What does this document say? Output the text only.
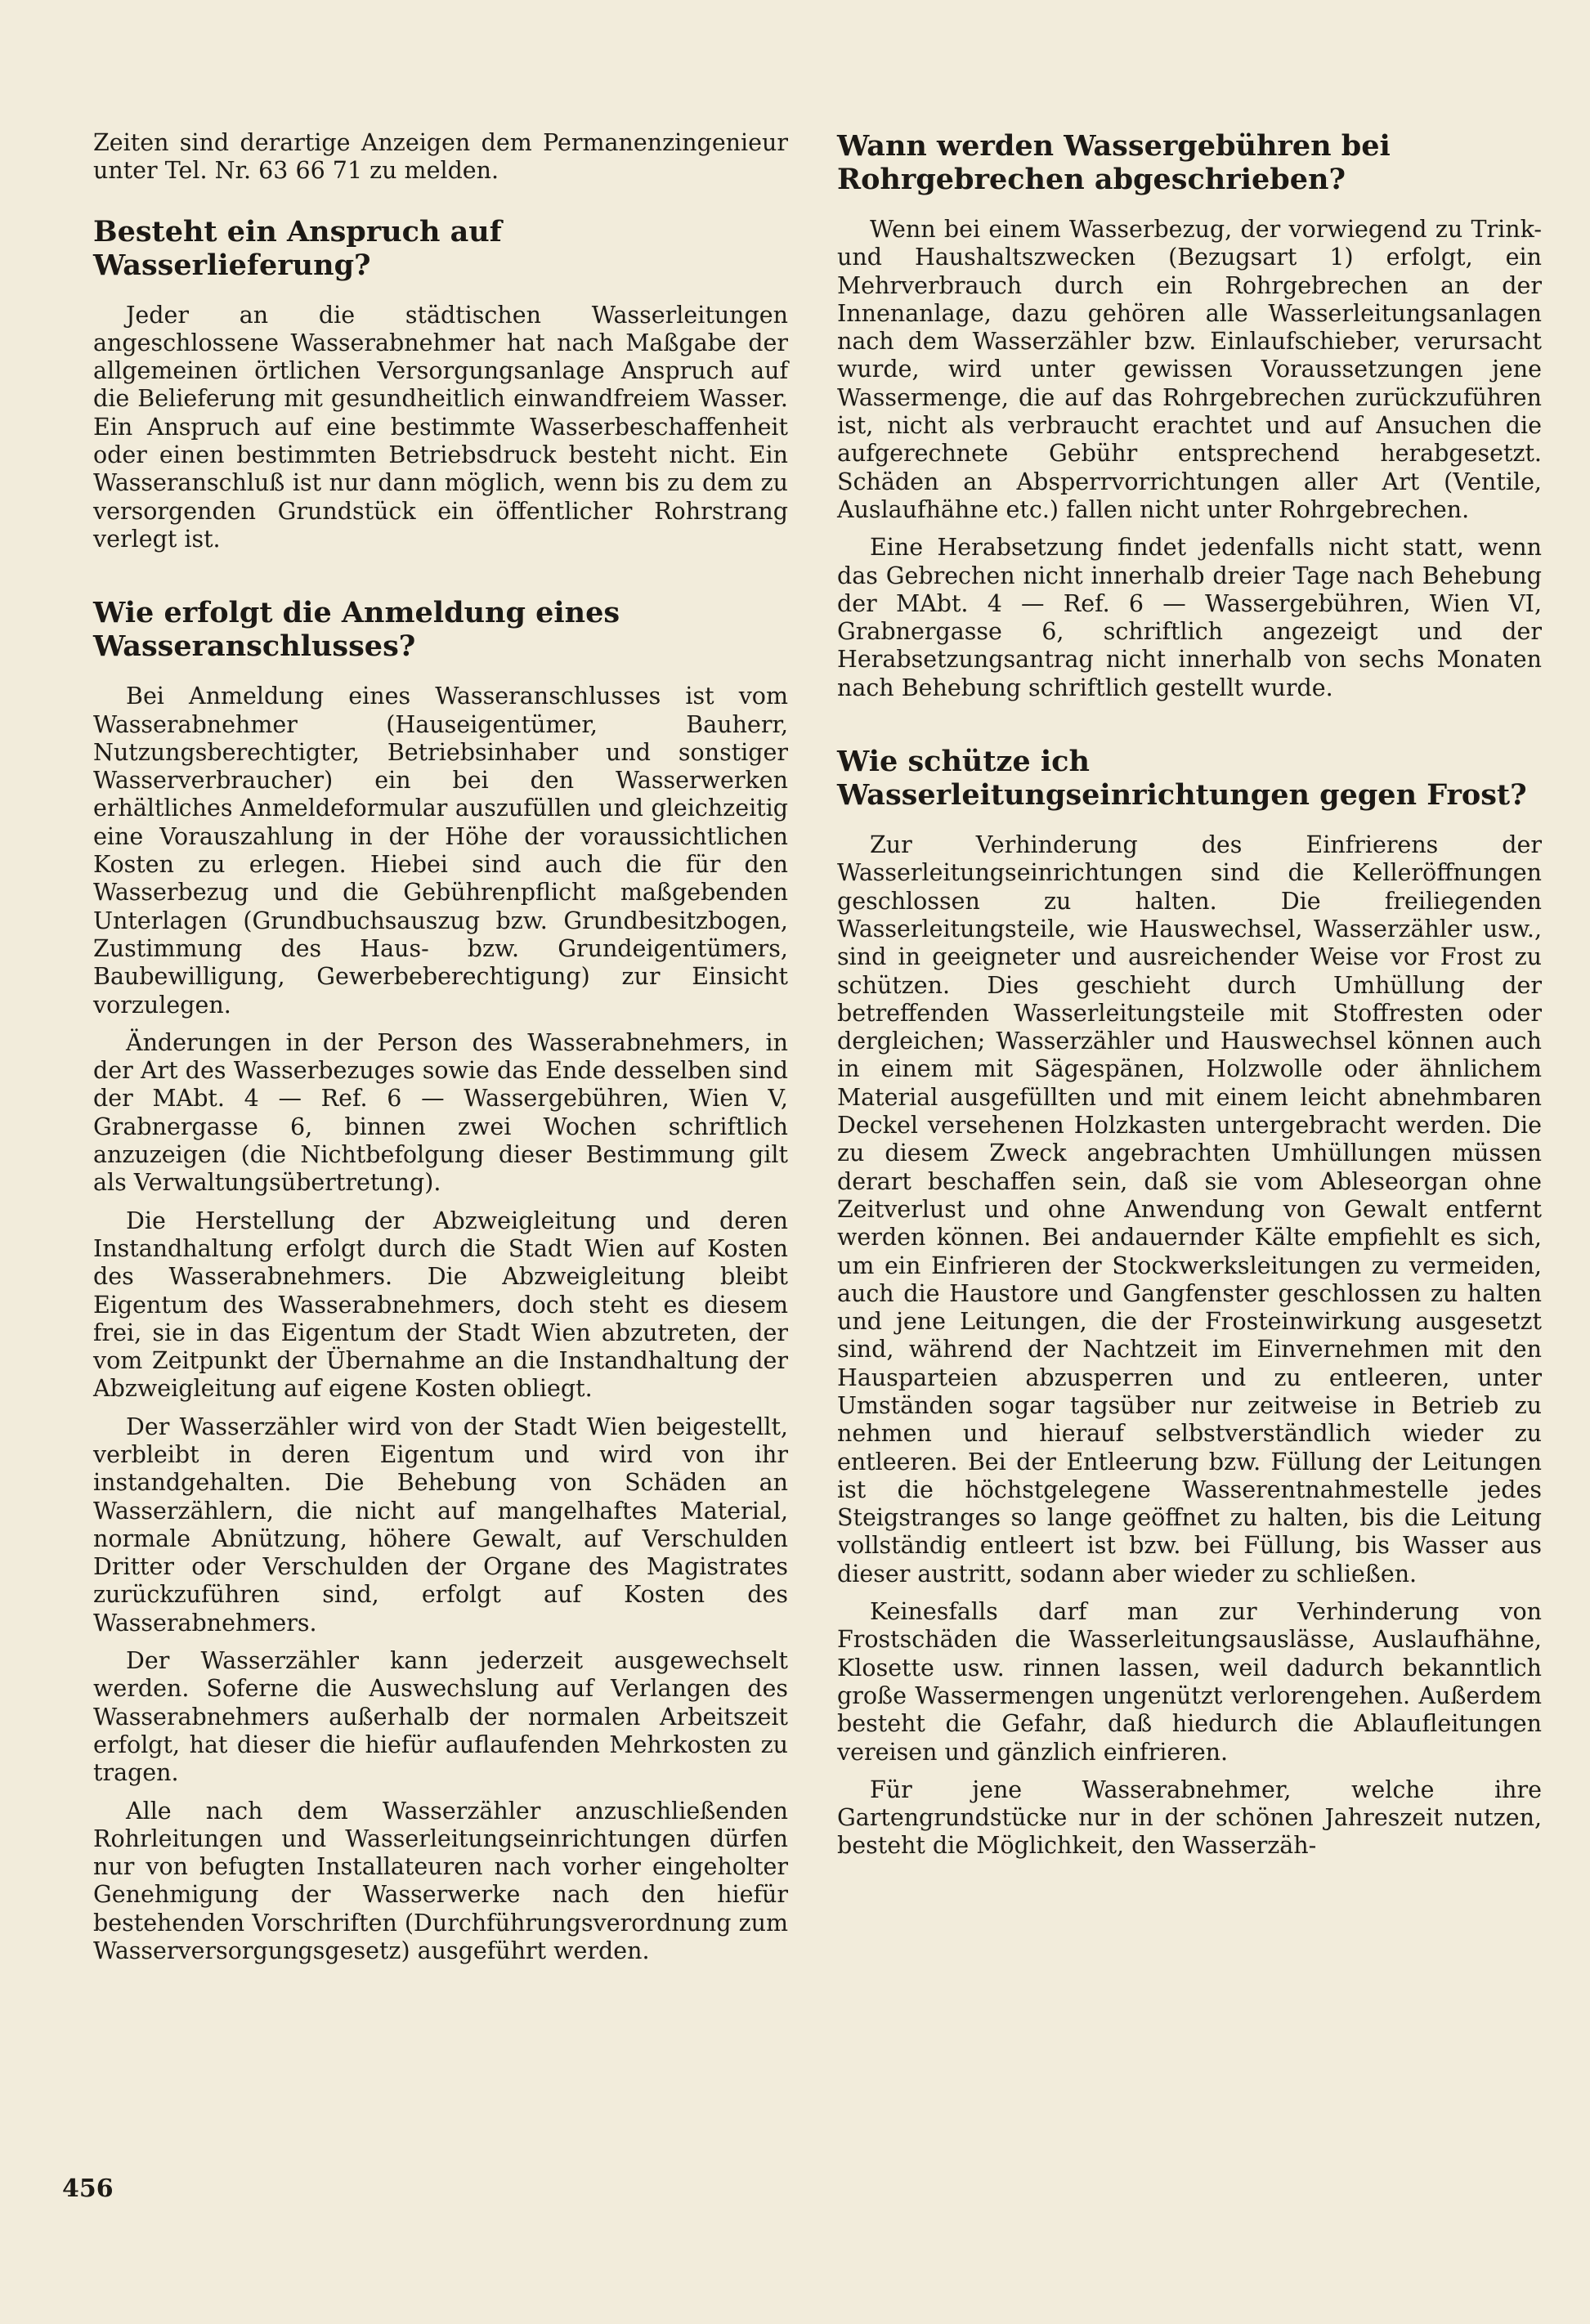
Zeiten sind derartige Anzeigen dem Permanenzingenieur unter Tel. Nr. 63 66 71 zu melden.

Besteht ein Anspruch auf Wasserlieferung?

Jeder an die städtischen Wasserleitungen angeschlossene Wasserabnehmer hat nach Maßgabe der allgemeinen örtlichen Versorgungsanlage Anspruch auf die Belieferung mit gesundheitlich einwandfreiem Wasser. Ein Anspruch auf eine bestimmte Wasserbeschaffenheit oder einen bestimmten Betriebsdruck besteht nicht. Ein Wasseranschluß ist nur dann möglich, wenn bis zu dem zu versorgenden Grundstück ein öffentlicher Rohrstrang verlegt ist.

Wie erfolgt die Anmeldung eines Wasseranschlusses?

Bei Anmeldung eines Wasseranschlusses ist vom Wasserabnehmer (Hauseigentümer, Bauherr, Nutzungsberechtigter, Betriebsinhaber und sonstiger Wasserverbraucher) ein bei den Wasserwerken erhältliches Anmeldeformular auszufüllen und gleichzeitig eine Vorauszahlung in der Höhe der voraussichtlichen Kosten zu erlegen. Hiebei sind auch die für den Wasserbezug und die Gebührenpflicht maßgebenden Unterlagen (Grundbuchsauszug bzw. Grundbesitzbogen, Zustimmung des Haus- bzw. Grundeigentümers, Baubewilligung, Gewerbeberechtigung) zur Einsicht vorzulegen.

Änderungen in der Person des Wasserabnehmers, in der Art des Wasserbezuges sowie das Ende desselben sind der MAbt. 4 — Ref. 6 — Wassergebühren, Wien V, Grabnergasse 6, binnen zwei Wochen schriftlich anzuzeigen (die Nichtbefolgung dieser Bestimmung gilt als Verwaltungsübertretung).

Die Herstellung der Abzweigleitung und deren Instandhaltung erfolgt durch die Stadt Wien auf Kosten des Wasserabnehmers. Die Abzweigleitung bleibt Eigentum des Wasserabnehmers, doch steht es diesem frei, sie in das Eigentum der Stadt Wien abzutreten, der vom Zeitpunkt der Übernahme an die Instandhaltung der Abzweigleitung auf eigene Kosten obliegt.

Der Wasserzähler wird von der Stadt Wien beigestellt, verbleibt in deren Eigentum und wird von ihr instandgehalten. Die Behebung von Schäden an Wasserzählern, die nicht auf mangelhaftes Material, normale Abnützung, höhere Gewalt, auf Verschulden Dritter oder Verschulden der Organe des Magistrates zurückzuführen sind, erfolgt auf Kosten des Wasserabnehmers.

Der Wasserzähler kann jederzeit ausgewechselt werden. Soferne die Auswechslung auf Verlangen des Wasserabnehmers außerhalb der normalen Arbeitszeit erfolgt, hat dieser die hiefür auflaufenden Mehrkosten zu tragen.

Alle nach dem Wasserzähler anzuschließenden Rohrleitungen und Wasserleitungseinrichtungen dürfen nur von befugten Installateuren nach vorher eingeholter Genehmigung der Wasserwerke nach den hiefür bestehenden Vorschriften (Durchführungsverordnung zum Wasserversorgungsgesetz) ausgeführt werden.

Wann werden Wassergebühren bei Rohrgebrechen abgeschrieben?

Wenn bei einem Wasserbezug, der vorwiegend zu Trink- und Haushaltszwecken (Bezugsart 1) erfolgt, ein Mehrverbrauch durch ein Rohrgebrechen an der Innenanlage, dazu gehören alle Wasserleitungsanlagen nach dem Wasserzähler bzw. Einlaufschieber, verursacht wurde, wird unter gewissen Voraussetzungen jene Wassermenge, die auf das Rohrgebrechen zurückzuführen ist, nicht als verbraucht erachtet und auf Ansuchen die aufgerechnete Gebühr entsprechend herabgesetzt. Schäden an Absperrvorrichtungen aller Art (Ventile, Auslaufhähne etc.) fallen nicht unter Rohrgebrechen.

Eine Herabsetzung findet jedenfalls nicht statt, wenn das Gebrechen nicht innerhalb dreier Tage nach Behebung der MAbt. 4 — Ref. 6 — Wassergebühren, Wien VI, Grabnergasse 6, schriftlich angezeigt und der Herabsetzungsantrag nicht innerhalb von sechs Monaten nach Behebung schriftlich gestellt wurde.

Wie schütze ich Wasserleitungseinrichtungen gegen Frost?

Zur Verhinderung des Einfrierens der Wasserleitungseinrichtungen sind die Kelleröffnungen geschlossen zu halten. Die freiliegenden Wasserleitungsteile, wie Hauswechsel, Wasserzähler usw., sind in geeigneter und ausreichender Weise vor Frost zu schützen. Dies geschieht durch Umhüllung der betreffenden Wasserleitungsteile mit Stoffresten oder dergleichen; Wasserzähler und Hauswechsel können auch in einem mit Sägespänen, Holzwolle oder ähnlichem Material ausgefüllten und mit einem leicht abnehmbaren Deckel versehenen Holzkasten untergebracht werden. Die zu diesem Zweck angebrachten Umhüllungen müssen derart beschaffen sein, daß sie vom Ableseorgan ohne Zeitverlust und ohne Anwendung von Gewalt entfernt werden können. Bei andauernder Kälte empfiehlt es sich, um ein Einfrieren der Stockwerksleitungen zu vermeiden, auch die Haustore und Gangfenster geschlossen zu halten und jene Leitungen, die der Frosteinwirkung ausgesetzt sind, während der Nachtzeit im Einvernehmen mit den Hausparteien abzusperren und zu entleeren, unter Umständen sogar tagsüber nur zeitweise in Betrieb zu nehmen und hierauf selbstverständlich wieder zu entleeren. Bei der Entleerung bzw. Füllung der Leitungen ist die höchstgelegene Wasserentnahmestelle jedes Steigstranges so lange geöffnet zu halten, bis die Leitung vollständig entleert ist bzw. bei Füllung, bis Wasser aus dieser austritt, sodann aber wieder zu schließen.

Keinesfalls darf man zur Verhinderung von Frostschäden die Wasserleitungsauslässe, Auslaufhähne, Klosette usw. rinnen lassen, weil dadurch bekanntlich große Wassermengen ungenützt verlorengehen. Außerdem besteht die Gefahr, daß hiedurch die Ablaufleitungen vereisen und gänzlich einfrieren.

Für jene Wasserabnehmer, welche ihre Gartengrundstücke nur in der schönen Jahreszeit nutzen, besteht die Möglichkeit, den Wasserzäh-

456
